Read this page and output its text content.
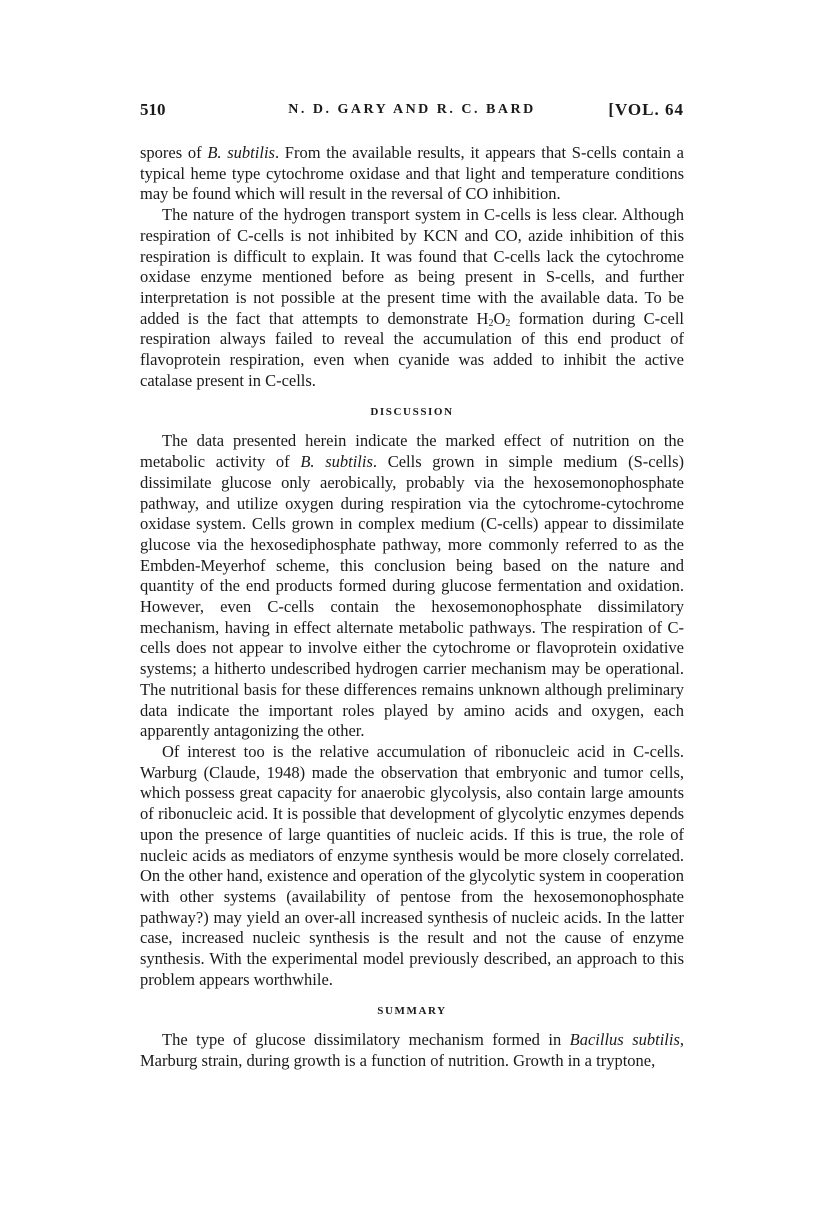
510	N. D. GARY AND R. C. BARD	[VOL. 64

spores of B. subtilis. From the available results, it appears that S-cells contain a typical heme type cytochrome oxidase and that light and temperature conditions may be found which will result in the reversal of CO inhibition.

The nature of the hydrogen transport system in C-cells is less clear. Although respiration of C-cells is not inhibited by KCN and CO, azide inhibition of this respiration is difficult to explain. It was found that C-cells lack the cytochrome oxidase enzyme mentioned before as being present in S-cells, and further interpretation is not possible at the present time with the available data. To be added is the fact that attempts to demonstrate $H_2O_2$ formation during C-cell respiration always failed to reveal the accumulation of this end product of flavoprotein respiration, even when cyanide was added to inhibit the active catalase present in C-cells.

DISCUSSION

The data presented herein indicate the marked effect of nutrition on the metabolic activity of B. subtilis. Cells grown in simple medium (S-cells) dissimilate glucose only aerobically, probably via the hexosemonophosphate pathway, and utilize oxygen during respiration via the cytochrome-cytochrome oxidase system. Cells grown in complex medium (C-cells) appear to dissimilate glucose via the hexosediphosphate pathway, more commonly referred to as the Embden-Meyerhof scheme, this conclusion being based on the nature and quantity of the end products formed during glucose fermentation and oxidation. However, even C-cells contain the hexosemonophosphate dissimilatory mechanism, having in effect alternate metabolic pathways. The respiration of C-cells does not appear to involve either the cytochrome or flavoprotein oxidative systems; a hitherto undescribed hydrogen carrier mechanism may be operational. The nutritional basis for these differences remains unknown although preliminary data indicate the important roles played by amino acids and oxygen, each apparently antagonizing the other.

Of interest too is the relative accumulation of ribonucleic acid in C-cells. Warburg (Claude, 1948) made the observation that embryonic and tumor cells, which possess great capacity for anaerobic glycolysis, also contain large amounts of ribonucleic acid. It is possible that development of glycolytic enzymes depends upon the presence of large quantities of nucleic acids. If this is true, the role of nucleic acids as mediators of enzyme synthesis would be more closely correlated. On the other hand, existence and operation of the glycolytic system in cooperation with other systems (availability of pentose from the hexosemonophosphate pathway?) may yield an over-all increased synthesis of nucleic acids. In the latter case, increased nucleic synthesis is the result and not the cause of enzyme synthesis. With the experimental model previously described, an approach to this problem appears worthwhile.

SUMMARY

The type of glucose dissimilatory mechanism formed in Bacillus subtilis, Marburg strain, during growth is a function of nutrition. Growth in a tryptone,
